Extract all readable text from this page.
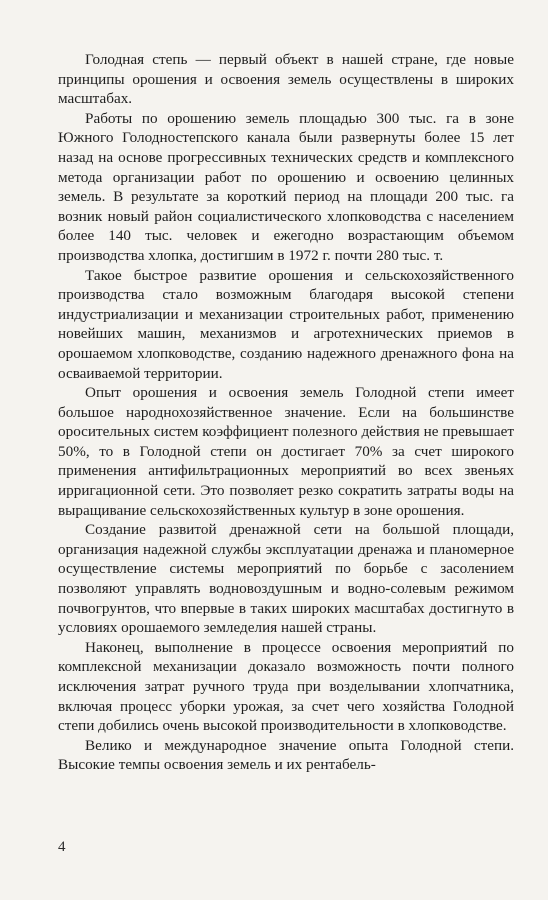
Голодная степь — первый объект в нашей стране, где новые принципы орошения и освоения земель осуществлены в широких масштабах.

Работы по орошению земель площадью 300 тыс. га в зоне Южного Голодностепского канала были развернуты более 15 лет назад на основе прогрессивных технических средств и комплексного метода организации работ по орошению и освоению целинных земель. В результате за короткий период на площади 200 тыс. га возник новый район социалистического хлопководства с населением более 140 тыс. человек и ежегодно возрастающим объемом производства хлопка, достигшим в 1972 г. почти 280 тыс. т.

Такое быстрое развитие орошения и сельскохозяйственного производства стало возможным благодаря высокой степени индустриализации и механизации строительных работ, применению новейших машин, механизмов и агротехнических приемов в орошаемом хлопководстве, созданию надежного дренажного фона на осваиваемой территории.

Опыт орошения и освоения земель Голодной степи имеет большое народнохозяйственное значение. Если на большинстве оросительных систем коэффициент полезного действия не превышает 50%, то в Голодной степи он достигает 70% за счет широкого применения антифильтрационных мероприятий во всех звеньях ирригационной сети. Это позволяет резко сократить затраты воды на выращивание сельскохозяйственных культур в зоне орошения.

Создание развитой дренажной сети на большой площади, организация надежной службы эксплуатации дренажа и планомерное осуществление системы мероприятий по борьбе с засолением позволяют управлять водновоздушным и водно-солевым режимом почвогрунтов, что впервые в таких широких масштабах достигнуто в условиях орошаемого земледелия нашей страны.

Наконец, выполнение в процессе освоения мероприятий по комплексной механизации доказало возможность почти полного исключения затрат ручного труда при возделывании хлопчатника, включая процесс уборки урожая, за счет чего хозяйства Голодной степи добились очень высокой производительности в хлопководстве.

Велико и международное значение опыта Голодной степи. Высокие темпы освоения земель и их рентабель-

4
